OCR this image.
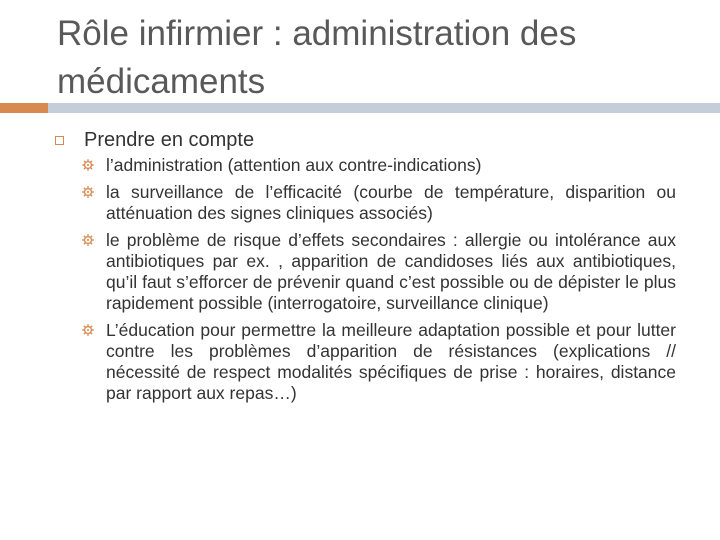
Rôle infirmier : administration des médicaments
Prendre en compte
l’administration (attention aux contre-indications)
la surveillance de l’efficacité (courbe de température, disparition ou atténuation des signes cliniques associés)
le problème de risque d’effets secondaires : allergie ou intolérance aux antibiotiques par ex. , apparition de candidoses liés aux antibiotiques, qu’il faut s’efforcer de prévenir quand c’est possible ou de dépister le plus rapidement possible (interrogatoire, surveillance clinique)
L’éducation pour permettre la meilleure adaptation possible et pour lutter contre les problèmes d’apparition de résistances (explications // nécessité de respect modalités spécifiques de prise : horaires, distance par rapport aux repas…)
